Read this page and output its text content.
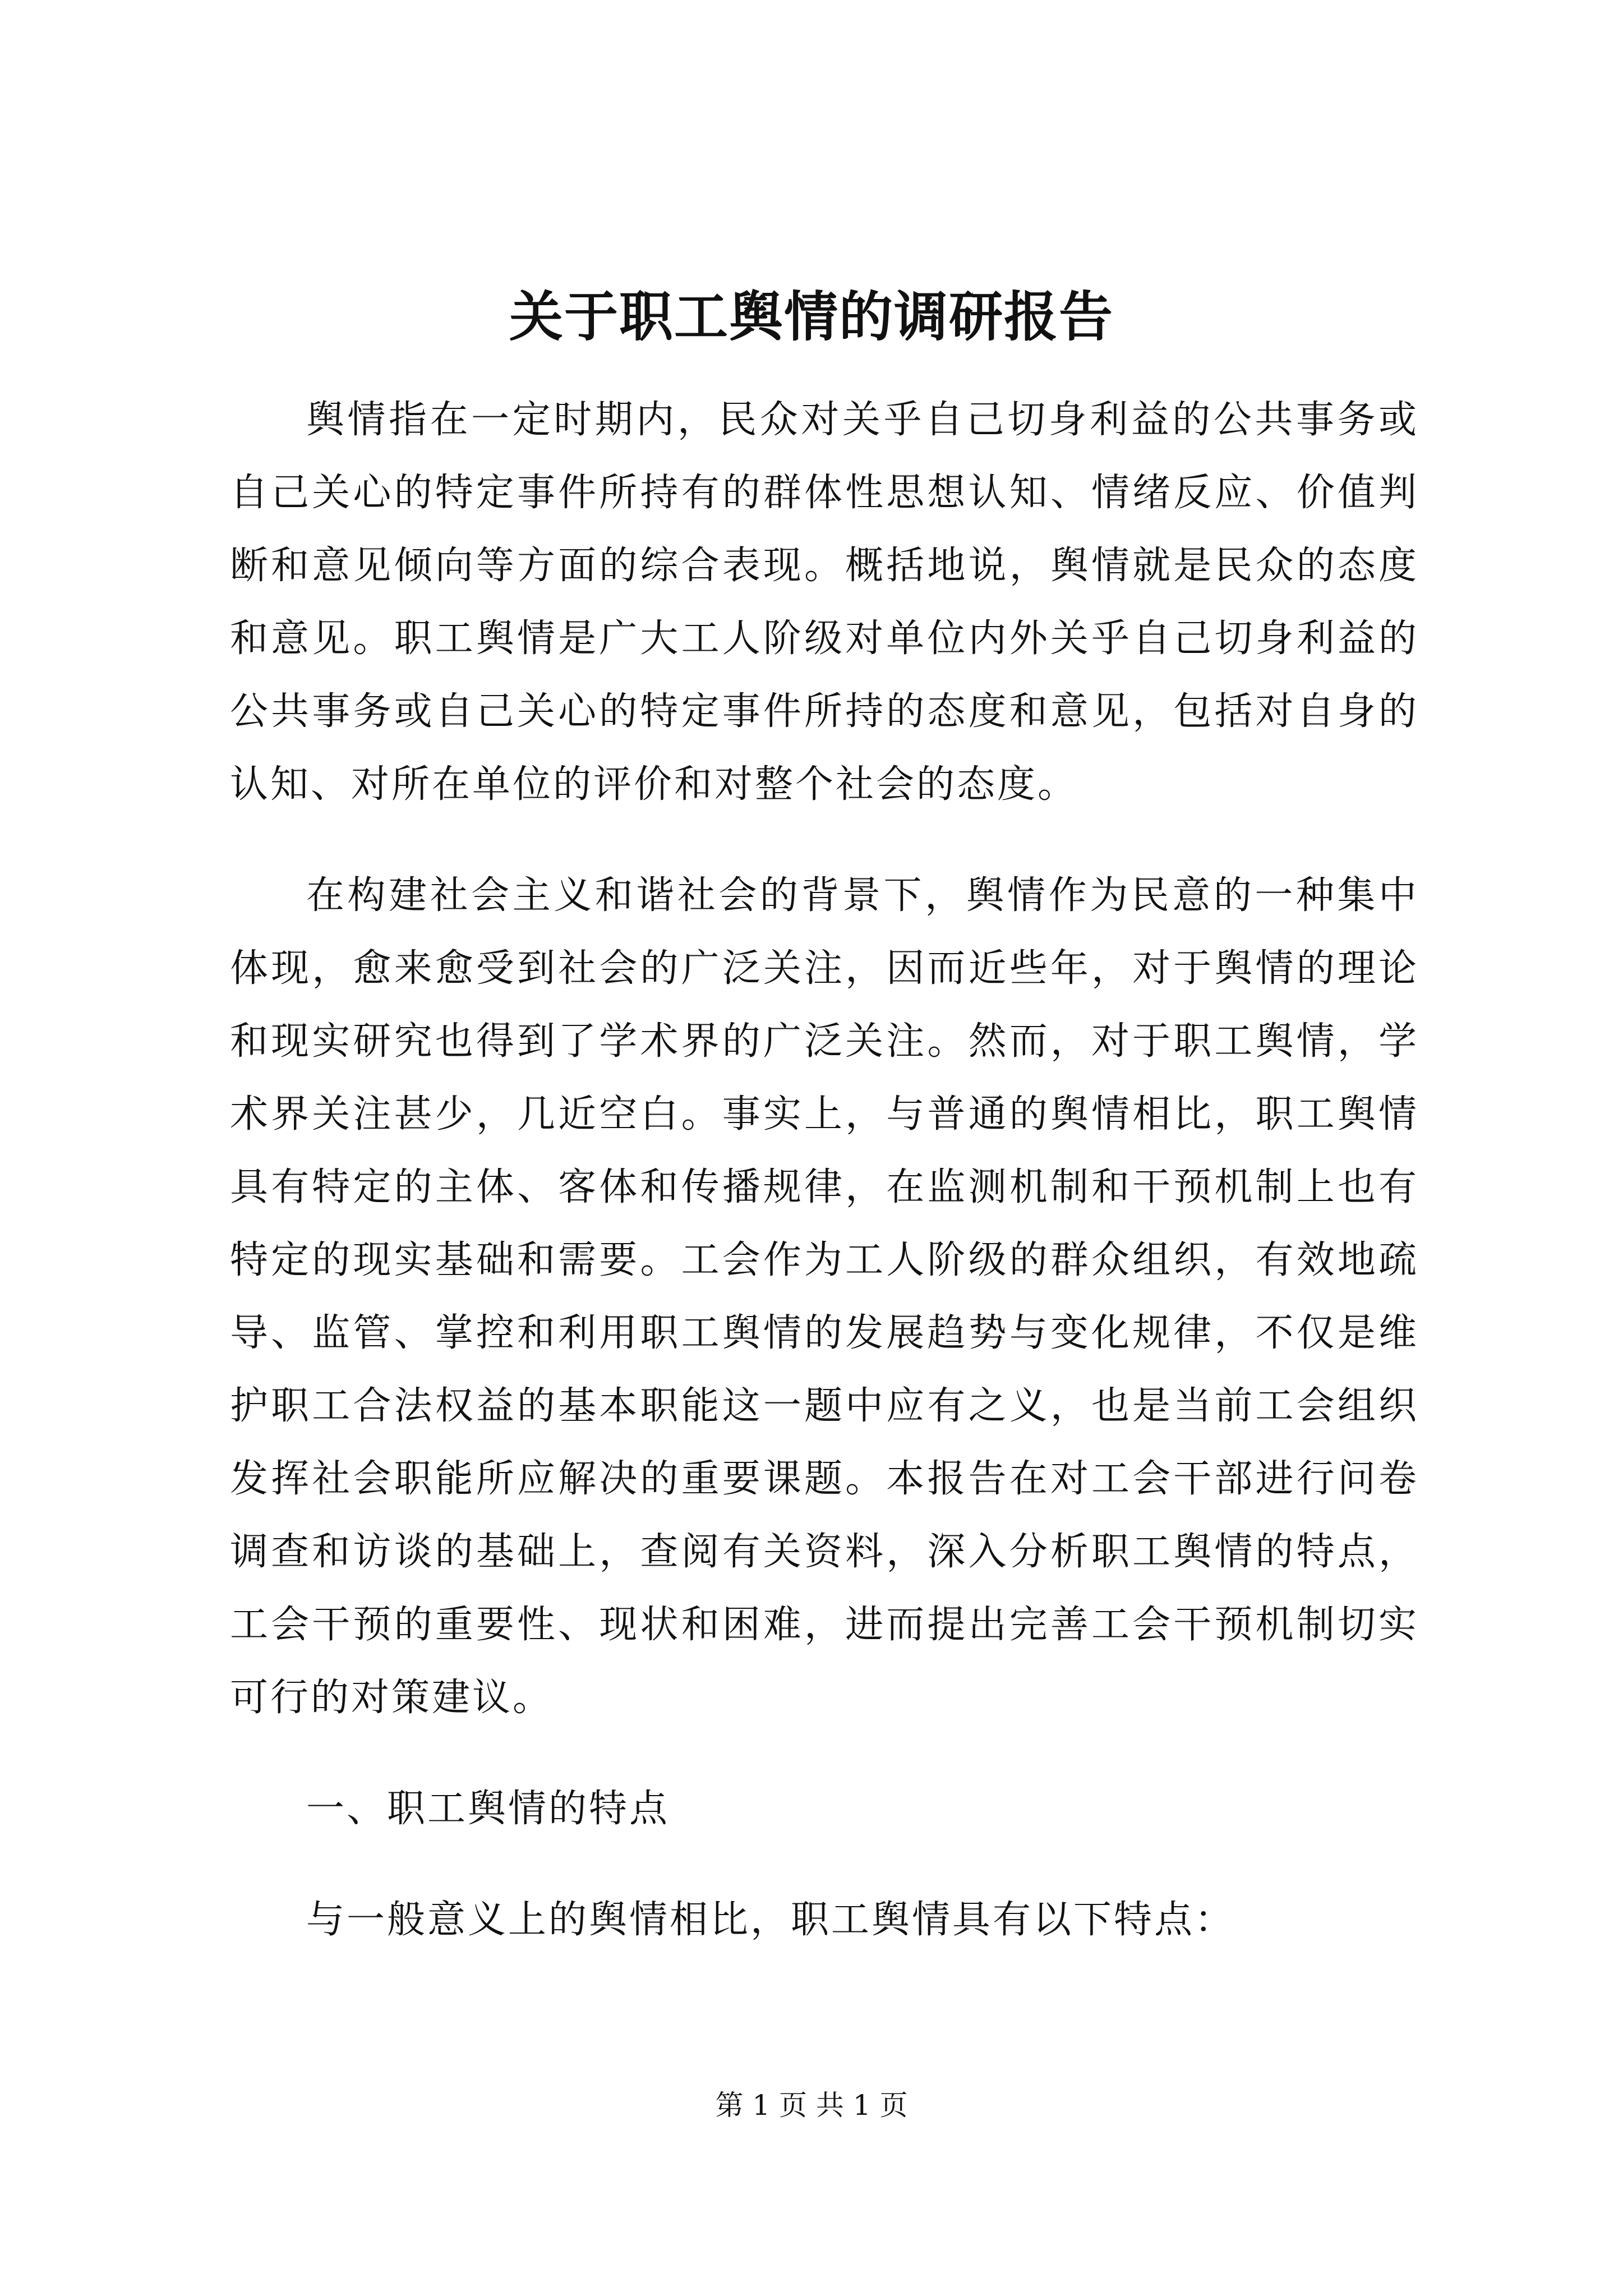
关于职工舆情的调研报告

舆情指在一定时期内，民众对关乎自己切身利益的公共事务或自己关心的特定事件所持有的群体性思想认知、情绪反应、价值判断和意见倾向等方面的综合表现。概括地说，舆情就是民众的态度和意见。职工舆情是广大工人阶级对单位内外关乎自己切身利益的公共事务或自己关心的特定事件所持的态度和意见，包括对自身的认知、对所在单位的评价和对整个社会的态度。

在构建社会主义和谐社会的背景下，舆情作为民意的一种集中体现，愈来愈受到社会的广泛关注，因而近些年，对于舆情的理论和现实研究也得到了学术界的广泛关注。然而，对于职工舆情，学术界关注甚少，几近空白。事实上，与普通的舆情相比，职工舆情具有特定的主体、客体和传播规律，在监测机制和干预机制上也有特定的现实基础和需要。工会作为工人阶级的群众组织，有效地疏导、监管、掌控和利用职工舆情的发展趋势与变化规律，不仅是维护职工合法权益的基本职能这一题中应有之义，也是当前工会组织发挥社会职能所应解决的重要课题。本报告在对工会干部进行问卷调查和访谈的基础上，查阅有关资料，深入分析职工舆情的特点，工会干预的重要性、现状和困难，进而提出完善工会干预机制切实可行的对策建议。

一、职工舆情的特点

与一般意义上的舆情相比，职工舆情具有以下特点：

第 1 页 共 1 页
